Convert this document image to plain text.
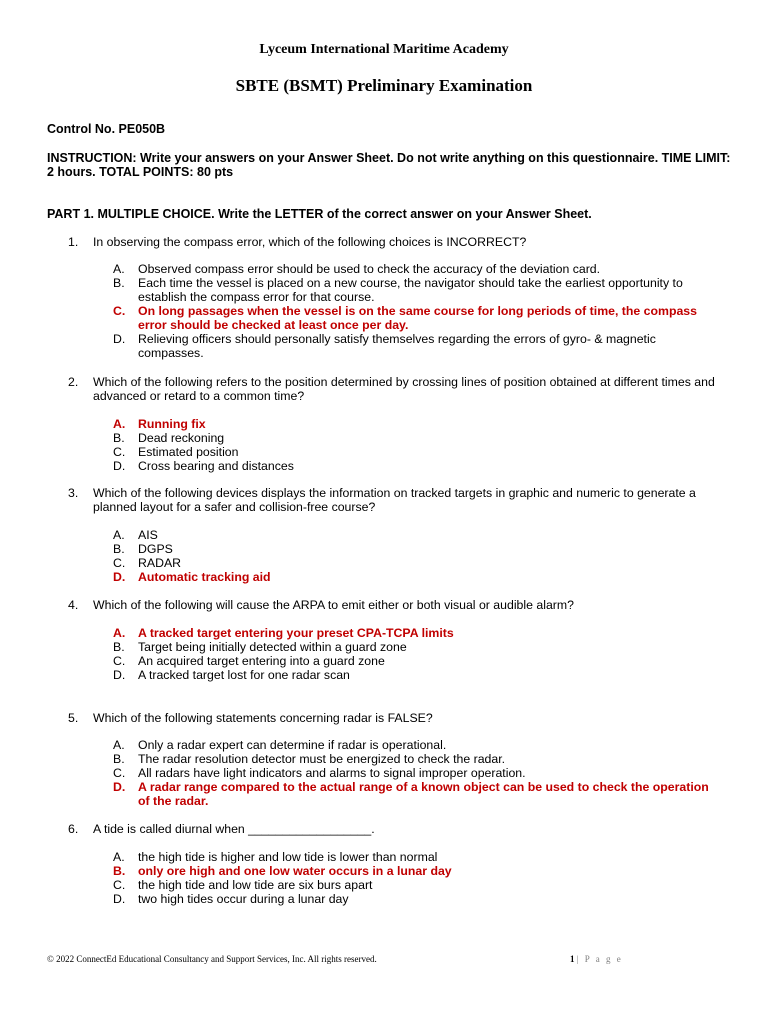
Lyceum International Maritime Academy
SBTE (BSMT) Preliminary Examination
Control No. PE050B
INSTRUCTION: Write your answers on your Answer Sheet. Do not write anything on this questionnaire. TIME LIMIT: 2 hours. TOTAL POINTS: 80 pts
PART 1. MULTIPLE CHOICE. Write the LETTER of the correct answer on your Answer Sheet.
1. In observing the compass error, which of the following choices is INCORRECT?
A. Observed compass error should be used to check the accuracy of the deviation card.
B. Each time the vessel is placed on a new course, the navigator should take the earliest opportunity to establish the compass error for that course.
C. On long passages when the vessel is on the same course for long periods of time, the compass error should be checked at least once per day.
D. Relieving officers should personally satisfy themselves regarding the errors of gyro- & magnetic compasses.
2. Which of the following refers to the position determined by crossing lines of position obtained at different times and advanced or retard to a common time?
A. Running fix
B. Dead reckoning
C. Estimated position
D. Cross bearing and distances
3. Which of the following devices displays the information on tracked targets in graphic and numeric to generate a planned layout for a safer and collision-free course?
A. AIS
B. DGPS
C. RADAR
D. Automatic tracking aid
4. Which of the following will cause the ARPA to emit either or both visual or audible alarm?
A. A tracked target entering your preset CPA-TCPA limits
B. Target being initially detected within a guard zone
C. An acquired target entering into a guard zone
D. A tracked target lost for one radar scan
5. Which of the following statements concerning radar is FALSE?
A. Only a radar expert can determine if radar is operational.
B. The radar resolution detector must be energized to check the radar.
C. All radars have light indicators and alarms to signal improper operation.
D. A radar range compared to the actual range of a known object can be used to check the operation of the radar.
6. A tide is called diurnal when __________________.
A. the high tide is higher and low tide is lower than normal
B. only ore high and one low water occurs in a lunar day
C. the high tide and low tide are six burs apart
D. two high tides occur during a lunar day
© 2022 ConnectEd Educational Consultancy and Support Services, Inc. All rights reserved.	1 | P a g e
